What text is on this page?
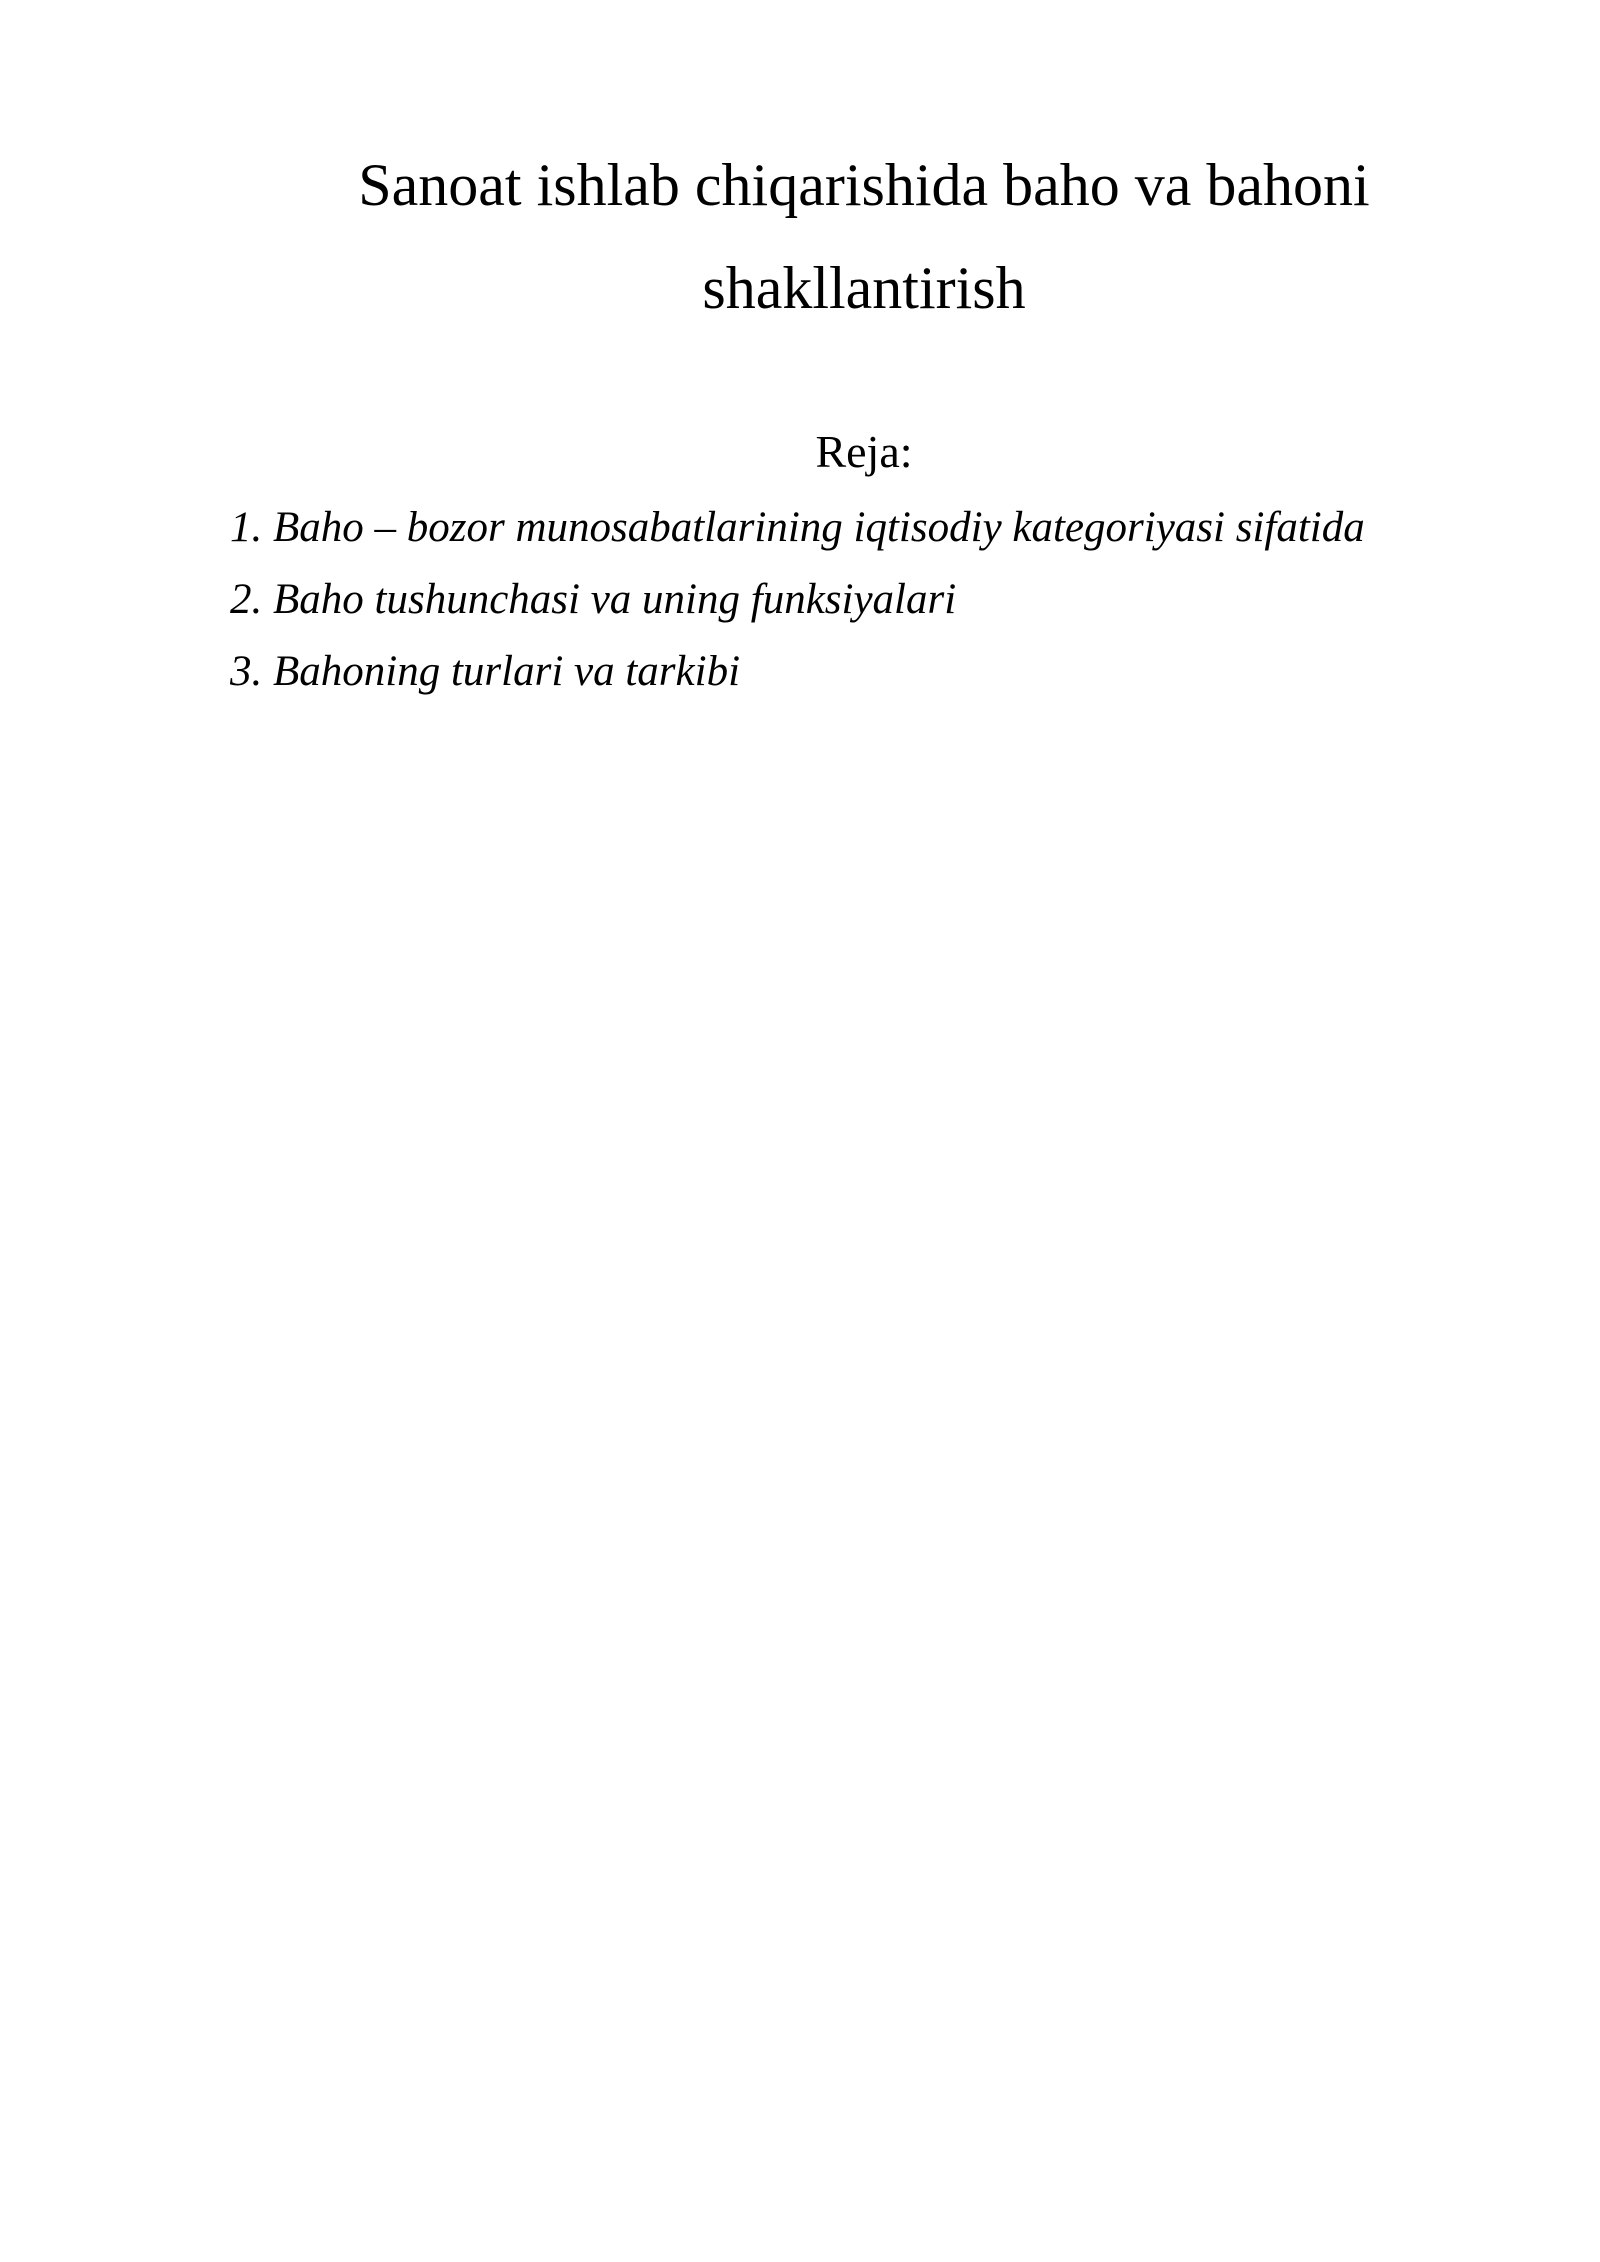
Sanoat ishlab chiqarishida baho va bahoni
shakllantirish
Reja:
1. Baho – bozor munosabatlarining iqtisodiy kategoriyasi sifatida
2. Baho tushunchasi va uning funksiyalari
3. Bahoning turlari va tarkibi
